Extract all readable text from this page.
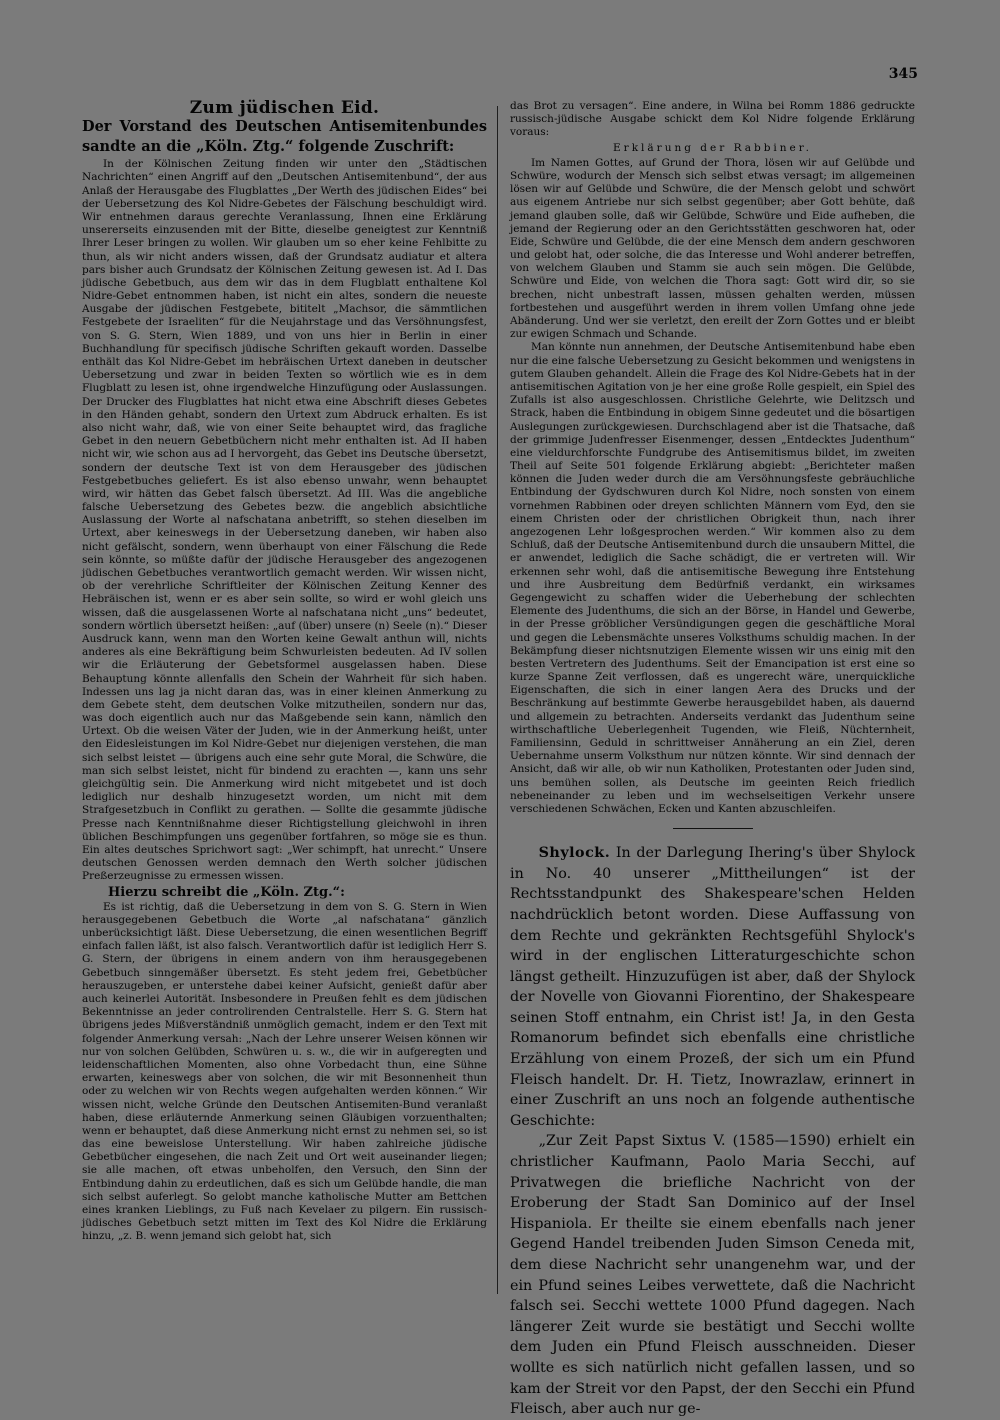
345
Zum jüdischen Eid.
Der Vorstand des Deutschen Antisemitenbundes
sandte an die „Köln. Ztg.“ folgende Zuschrift:

In der Kölnischen Zeitung finden wir unter den „Städtischen Nachrichten“ einen Angriff auf den „Deutschen Antisemitenbund“, der aus Anlaß der Herausgabe des Flugblattes „Der Werth des jüdischen Eides“ bei der Uebersetzung des Kol Nidre-Gebetes der Fälschung beschuldigt wird. Wir entnehmen daraus gerechte Veranlassung, Ihnen eine Erklärung unsererseits einzusenden mit der Bitte, dieselbe geneigtest zur Kenntniß Ihrer Leser bringen zu wollen. Wir glauben um so eher keine Fehlbitte zu thun, als wir nicht anders wissen, daß der Grundsatz audiatur et altera pars bisher auch Grundsatz der Kölnischen Zeitung gewesen ist. Ad I. Das jüdische Gebetbuch, aus dem wir das in dem Flugblatt enthaltene Kol Nidre-Gebet entnommen haben, ist nicht ein altes, sondern die neueste Ausgabe der jüdischen Festgebete, bititelt „Machsor, die sämmtlichen Festgebete der Israeliten“ für die Neujahrstage und das Versöhnungsfest, von S. G. Stern, Wien 1889, und von uns hier in Berlin in einer Buchhandlung für specifisch jüdische Schriften gekauft worden. Dasselbe enthält das Kol Nidre-Gebet im hebräischen Urtext daneben in deutscher Uebersetzung und zwar in beiden Texten so wörtlich wie es in dem Flugblatt zu lesen ist, ohne irgendwelche Hinzufügung oder Auslassungen. Der Drucker des Flugblattes hat nicht etwa eine Abschrift dieses Gebetes in den Händen gehabt, sondern den Urtext zum Abdruck erhalten. Es ist also nicht wahr, daß, wie von einer Seite behauptet wird, das fragliche Gebet in den neuern Gebetbüchern nicht mehr enthalten ist. Ad II haben nicht wir, wie schon aus ad I hervorgeht, das Gebet ins Deutsche übersetzt, sondern der deutsche Text ist von dem Herausgeber des jüdischen Festgebetbuches geliefert. Es ist also ebenso unwahr, wenn behauptet wird, wir hätten das Gebet falsch übersetzt. Ad III. Was die angebliche falsche Uebersetzung des Gebetes bezw. die angeblich absichtliche Auslassung der Worte al nafschatana anbetrifft, so stehen dieselben im Urtext, aber keineswegs in der Uebersetzung daneben, wir haben also nicht gefälscht, sondern, wenn überhaupt von einer Fälschung die Rede sein könnte, so müßte dafür der jüdische Herausgeber des angezogenen jüdischen Gebetbuches verantwortlich gemacht werden. Wir wissen nicht, ob der verehrliche Schriftleiter der Kölnischen Zeitung Kenner des Hebräischen ist, wenn er es aber sein sollte, so wird er wohl gleich uns wissen, daß die ausgelassenen Worte al nafschatana nicht „uns“ bedeutet, sondern wörtlich übersetzt heißen: „auf (über) unsere (n) Seele (n).“ Dieser Ausdruck kann, wenn man den Worten keine Gewalt anthun will, nichts anderes als eine Bekräftigung beim Schwurleisten bedeuten. Ad IV sollen wir die Erläuterung der Gebetsformel ausgelassen haben. Diese Behauptung könnte allenfalls den Schein der Wahrheit für sich haben. Indessen uns lag ja nicht daran das, was in einer kleinen Anmerkung zu dem Gebete steht, dem deutschen Volke mitzutheilen, sondern nur das, was doch eigentlich auch nur das Maßgebende sein kann, nämlich den Urtext. Ob die weisen Väter der Juden, wie in der Anmerkung heißt, unter den Eidesleistungen im Kol Nidre-Gebet nur diejenigen verstehen, die man sich selbst leistet — übrigens auch eine sehr gute Moral, die Schwüre, die man sich selbst leistet, nicht für bindend zu erachten —, kann uns sehr gleichgültig sein. Die Anmerkung wird nicht mitgebetet und ist doch lediglich nur deshalb hinzugesetzt worden, um nicht mit dem Strafgesetzbuch in Conflikt zu gerathen. — Sollte die gesammte jüdische Presse nach Kenntnißnahme dieser Richtigstellung gleichwohl in ihren üblichen Beschimpfungen uns gegenüber fortfahren, so möge sie es thun. Ein altes deutsches Sprichwort sagt: „Wer schimpft, hat unrecht.“ Unsere deutschen Genossen werden demnach den Werth solcher jüdischen Preßerzeugnisse zu ermessen wissen.

Hierzu schreibt die „Köln. Ztg.“:

Es ist richtig, daß die Uebersetzung in dem von S. G. Stern in Wien herausgegebenen Gebetbuch die Worte „al nafschatana“ gänzlich unberücksichtigt läßt. Diese Uebersetzung, die einen wesentlichen Begriff einfach fallen läßt, ist also falsch. Verantwortlich dafür ist lediglich Herr S. G. Stern, der übrigens in einem andern von ihm herausgegebenen Gebetbuch sinngemäßer übersetzt. Es steht jedem frei, Gebetbücher herauszugeben, er unterstehe dabei keiner Aufsicht, genießt dafür aber auch keinerlei Autorität. Insbesondere in Preußen fehlt es dem jüdischen Bekenntnisse an jeder controlirenden Centralstelle. Herr S. G. Stern hat übrigens jedes Mißverständniß unmöglich gemacht, indem er den Text mit folgender Anmerkung versah: „Nach der Lehre unserer Weisen können wir nur von solchen Gelübden, Schwüren u. s. w., die wir in aufgeregten und leidenschaftlichen Momenten, also ohne Vorbedacht thun, eine Sühne erwarten, keineswegs aber von solchen, die wir mit Besonnenheit thun oder zu welchen wir von Rechts wegen aufgehalten werden können.“ Wir wissen nicht, welche Gründe den Deutschen Antisemiten-Bund veranlaßt haben, diese erläuternde Anmerkung seinen Gläubigen vorzuenthalten; wenn er behauptet, daß diese Anmerkung nicht ernst zu nehmen sei, so ist das eine beweislose Unterstellung. Wir haben zahlreiche jüdische Gebetbücher eingesehen, die nach Zeit und Ort weit auseinander liegen; sie alle machen, oft etwas unbeholfen, den Versuch, den Sinn der Entbindung dahin zu erdeutlichen, daß es sich um Gelübde handle, die man sich selbst auferlegt. So gelobt manche katholische Mutter am Bettchen eines kranken Lieblings, zu Fuß nach Kevelaer zu pilgern. Ein russisch-jüdisches Gebetbuch setzt mitten im Text des Kol Nidre die Erklärung hinzu, „z. B. wenn jemand sich gelobt hat, sich

das Brot zu versagen“. Eine andere, in Wilna bei Romm 1886 gedruckte russisch-jüdische Ausgabe schickt dem Kol Nidre folgende Erklärung voraus:

Erklärung der Rabbiner.

Im Namen Gottes, auf Grund der Thora, lösen wir auf Gelübde und Schwüre, wodurch der Mensch sich selbst etwas versagt; im allgemeinen lösen wir auf Gelübde und Schwüre, die der Mensch gelobt und schwört aus eigenem Antriebe nur sich selbst gegenüber; aber Gott behüte, daß jemand glauben solle, daß wir Gelübde, Schwüre und Eide aufheben, die jemand der Regierung oder an den Gerichtsstätten geschworen hat, oder Eide, Schwüre und Gelübde, die der eine Mensch dem andern geschworen und gelobt hat, oder solche, die das Interesse und Wohl anderer betreffen, von welchem Glauben und Stamm sie auch sein mögen. Die Gelübde, Schwüre und Eide, von welchen die Thora sagt: Gott wird dir, so sie brechen, nicht unbestraft lassen, müssen gehalten werden, müssen fortbestehen und ausgeführt werden in ihrem vollen Umfang ohne jede Abänderung. Und wer sie verletzt, den ereilt der Zorn Gottes und er bleibt zur ewigen Schmach und Schande.

Man könnte nun annehmen, der Deutsche Antisemitenbund habe eben nur die eine falsche Uebersetzung zu Gesicht bekommen und wenigstens in gutem Glauben gehandelt. Allein die Frage des Kol Nidre-Gebets hat in der antisemitischen Agitation von je her eine große Rolle gespielt, ein Spiel des Zufalls ist also ausgeschlossen. Christliche Gelehrte, wie Delitzsch und Strack, haben die Entbindung in obigem Sinne gedeutet und die bösartigen Auslegungen zurückgewiesen. Durchschlagend aber ist die Thatsache, daß der grimmige Judenfresser Eisenmenger, dessen „Entdecktes Judenthum“ eine vieldurchforschte Fundgrube des Antisemitismus bildet, im zweiten Theil auf Seite 501 folgende Erklärung abgiebt: „Berichteter maßen können die Juden weder durch die am Versöhnungsfeste gebräuchliche Entbindung der Gydschwuren durch Kol Nidre, noch sonsten von einem vornehmen Rabbinen oder dreyen schlichten Männern vom Eyd, den sie einem Christen oder der christlichen Obrigkeit thun, nach ihrer angezogenen Lehr loßgesprochen werden.“ Wir kommen also zu dem Schluß, daß der Deutsche Antisemitenbund durch die unsaubern Mittel, die er anwendet, lediglich die Sache schädigt, die er vertreten will. Wir erkennen sehr wohl, daß die antisemitische Bewegung ihre Entstehung und ihre Ausbreitung dem Bedürfniß verdankt, ein wirksames Gegengewicht zu schaffen wider die Ueberhebung der schlechten Elemente des Judenthums, die sich an der Börse, in Handel und Gewerbe, in der Presse gröblicher Versündigungen gegen die geschäftliche Moral und gegen die Lebensmächte unseres Volksthums schuldig machen. In der Bekämpfung dieser nichtsnutzigen Elemente wissen wir uns einig mit den besten Vertretern des Judenthums. Seit der Emancipation ist erst eine so kurze Spanne Zeit verflossen, daß es ungerecht wäre, unerquickliche Eigenschaften, die sich in einer langen Aera des Drucks und der Beschränkung auf bestimmte Gewerbe herausgebildet haben, als dauernd und allgemein zu betrachten. Anderseits verdankt das Judenthum seine wirthschaftliche Ueberlegenheit Tugenden, wie Fleiß, Nüchternheit, Familiensinn, Geduld in schrittweiser Annäherung an ein Ziel, deren Uebernahme unserm Volksthum nur nützen könnte. Wir sind dennach der Ansicht, daß wir alle, ob wir nun Katholiken, Protestanten oder Juden sind, uns bemühen sollen, als Deutsche im geeinten Reich friedlich nebeneinander zu leben und im wechselseitigen Verkehr unsere verschiedenen Schwächen, Ecken und Kanten abzuschleifen.

Shylock. In der Darlegung Ihering's über Shylock in No. 40 unserer „Mittheilungen“ ist der Rechtsstandpunkt des Shakespeare'schen Helden nachdrücklich betont worden. Diese Auffassung von dem Rechte und gekränkten Rechtsgefühl Shylock's wird in der englischen Litteraturgeschichte schon längst getheilt. Hinzuzufügen ist aber, daß der Shylock der Novelle von Giovanni Fiorentino, der Shakespeare seinen Stoff entnahm, ein Christ ist! Ja, in den Gesta Romanorum befindet sich ebenfalls eine christliche Erzählung von einem Prozeß, der sich um ein Pfund Fleisch handelt. Dr. H. Tietz, Inowrazlaw, erinnert in einer Zuschrift an uns noch an folgende authentische Geschichte:

„Zur Zeit Papst Sixtus V. (1585—1590) erhielt ein christlicher Kaufmann, Paolo Maria Secchi, auf Privatwegen die briefliche Nachricht von der Eroberung der Stadt San Dominico auf der Insel Hispaniola. Er theilte sie einem ebenfalls nach jener Gegend Handel treibenden Juden Simson Ceneda mit, dem diese Nachricht sehr unangenehm war, und der ein Pfund seines Leibes verwettete, daß die Nachricht falsch sei. Secchi wettete 1000 Pfund dagegen. Nach längerer Zeit wurde sie bestätigt und Secchi wollte dem Juden ein Pfund Fleisch ausschneiden. Dieser wollte es sich natürlich nicht gefallen lassen, und so kam der Streit vor den Papst, der den Secchi ein Pfund Fleisch, aber auch nur ge-
